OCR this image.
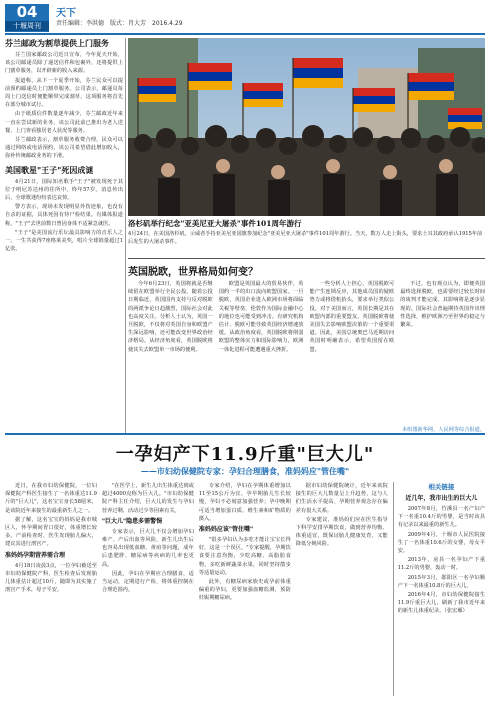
04
十堰周刊
天下
责任编辑：李洪德　版式：肖大芳　2016.4.29
芬兰邮政为割草提供上门服务

芬兰国家邮政公司近日宣布，今年夏天开始，该公司邮递员除了递送信件和包裹外，还将提供上门割草服务，以开辟新的收入来源。

报道称，从下一个夏季开始，芬兰民众可以提前预约邮递员上门割草服务。公司表示，邮递员每周上门送信时便能顺带完成割草，这项服务将首先在部分城市试行。

由于纸质信件数量逐年减少，芬兰邮政近年来一直在尝试新的业务。该公司此前已推出为老人送餐、上门查看独居老人状况等服务。

芬兰邮政表示，割草服务收费合理，民众可以通过网络或电话预约。该公司希望借此增加收入，弥补传统邮政业务的下滑。

美国歌星"王子"死因成谜

4月21日，国际知名歌手"王子"被发现死于其位于明尼苏达州的住所中，终年57岁。消息传出后，全球歌迷纷纷表达哀悼。

警方表示，现场未发现明显外伤迹象，也没有自杀的证据，具体死因有待尸检结果。有媒体报道称，"王子"去世前数日曾因身体不适紧急就医。

"王子"是美国流行乐坛最具影响力的音乐人之一，一生共获得7座格莱美奖，唱片全球销量超过1亿张。

洛杉矶举行纪念"亚美尼亚大屠杀"事件101周年游行
4月24日，在美国洛杉矶，示威者手持亚美尼亚国旗参加纪念"亚美尼亚大屠杀"事件101周年游行。当天，数万人走上街头，要求土耳其政府承认1915年前后发生的大屠杀事件。
英国脱欧，世界格局如何变？

今年6月23日，英国将就是否继续留在欧盟举行全民公投。随着公投日期临近，英国国内支持与反对脱欧的两派争论日趋激烈，国际社会对此也高度关注。分析人士认为，英国一旦脱欧，不仅将对英国自身和欧盟产生深远影响，还可能改变世界政治经济格局。从经济角度看，英国脱欧将使其失去欧盟单一市场的便利。

欧盟是英国最大的贸易伙伴，英国约一半的出口流向欧盟国家。一旦脱欧，英国企业进入欧洲市场将面临关税等壁垒，伦敦作为国际金融中心的地位也可能受到冲击。有研究机构估计，脱欧可能导致英国经济增速放缓。从政治角度看，英国脱欧将削弱欧盟的整体实力和国际影响力，欧洲一体化进程可能遭遇重大挫折。

一些分析人士担心，英国脱欧可能产生连锁反应，其他成员国的疑欧势力或将借机抬头，要求举行类似公投。对于美国而言，英国长期是其在欧盟内部的重要盟友，英国脱欧将使美国失去影响欧盟决策的一个重要渠道。因此，美国总统奥巴马近期访问英国时明确表示，希望英国留在欧盟。

不过，也有观点认为，即便英国最终选择脱欧，也需要经过较长时间的谈判才能完成，其影响将是逐步显现的。国际社会普遍期待英国作出理性选择，维护欧洲乃至世界的稳定与繁荣。

本组图新华网、人民网等综合报道。
一孕妇产下11.9斤重"巨大儿"
——市妇幼保健院专家：孕妇合理膳食，准妈妈应"管住嘴"

近日，在我市妇幼保健院，一位妇保健院产科医生接生了一名体重达11.9斤的"巨大儿"，这名宝宝身长58厘米，是该院近年来接生的最重新生儿之一。

据了解，这名宝宝的妈妈是我市城区人，怀孕期间胃口很好，体重增长较多。产前检查时，医生发现胎儿偏大，建议其进行剖宫产。

准妈妈孕期营养需合理

4月18日凌晨3点，一位孕妇被送至市妇幼保健院产科，医生检查后发现胎儿体重估计超过10斤，随即为其实施了剖宫产手术，母子平安。

"在医学上，新生儿出生体重达到或超过4000克称为巨大儿。"市妇幼保健院产科主任介绍，巨大儿的发生与孕妇营养过剩、活动过少等因素有关。

"巨大儿"隐患多需警惕

专家表示，巨大儿不仅会增加孕妇难产、产后出血等风险，新生儿出生后也容易出现低血糖、黄疸等问题，成年后患肥胖、糖尿病等疾病的几率也更高。

因此，孕妇在孕期应合理膳食，适当运动，定期进行产检，将体重控制在合理范围内。

专家介绍，孕妇在孕期体重增加以11至15公斤为宜。孕早期胎儿生长较慢，孕妇不必刻意加强营养；孕中晚期可适当增加蛋白质、维生素和矿物质的摄入。

准妈妈应该"管住嘴"

"很多孕妇认为多吃才能让宝宝长得好，这是一个误区。"专家提醒，孕期饮食要注意均衡，少吃高糖、高脂肪食物，多吃新鲜蔬菜水果，同时坚持散步等适量运动。

此外，有糖尿病家族史或孕前体重偏重的孕妇，更要加强血糖监测，预防妊娠期糖尿病。

据市妇幼保健院统计，近年来该院接生的巨大儿数量呈上升趋势，这与人们生活水平提高、孕期营养观念存在偏差有很大关系。

专家建议，准妈妈们应在医生指导下科学安排孕期饮食，做到营养均衡、体重适宜，既保证胎儿健康发育，又能降低分娩风险。

相关链接
近几年，我市出生的巨大儿

2007年8月，竹溪县一名产妇产下一名重10.4斤的男婴，是当时该县有记录以来最重的新生儿。

2009年4月，十堰市人民医院接生了一名体重10.6斤的女婴，母女平安。

2013年，房县一名孕妇产下重11.2斤的男婴，轰动一时。

2015年3月，郧阳区一名孕妇顺产下一名体重10.8斤的巨大儿。

2016年4月，市妇幼保健院接生11.9斤重巨大儿，刷新了我市近年来的新生儿体重纪录。（张宏雁）
